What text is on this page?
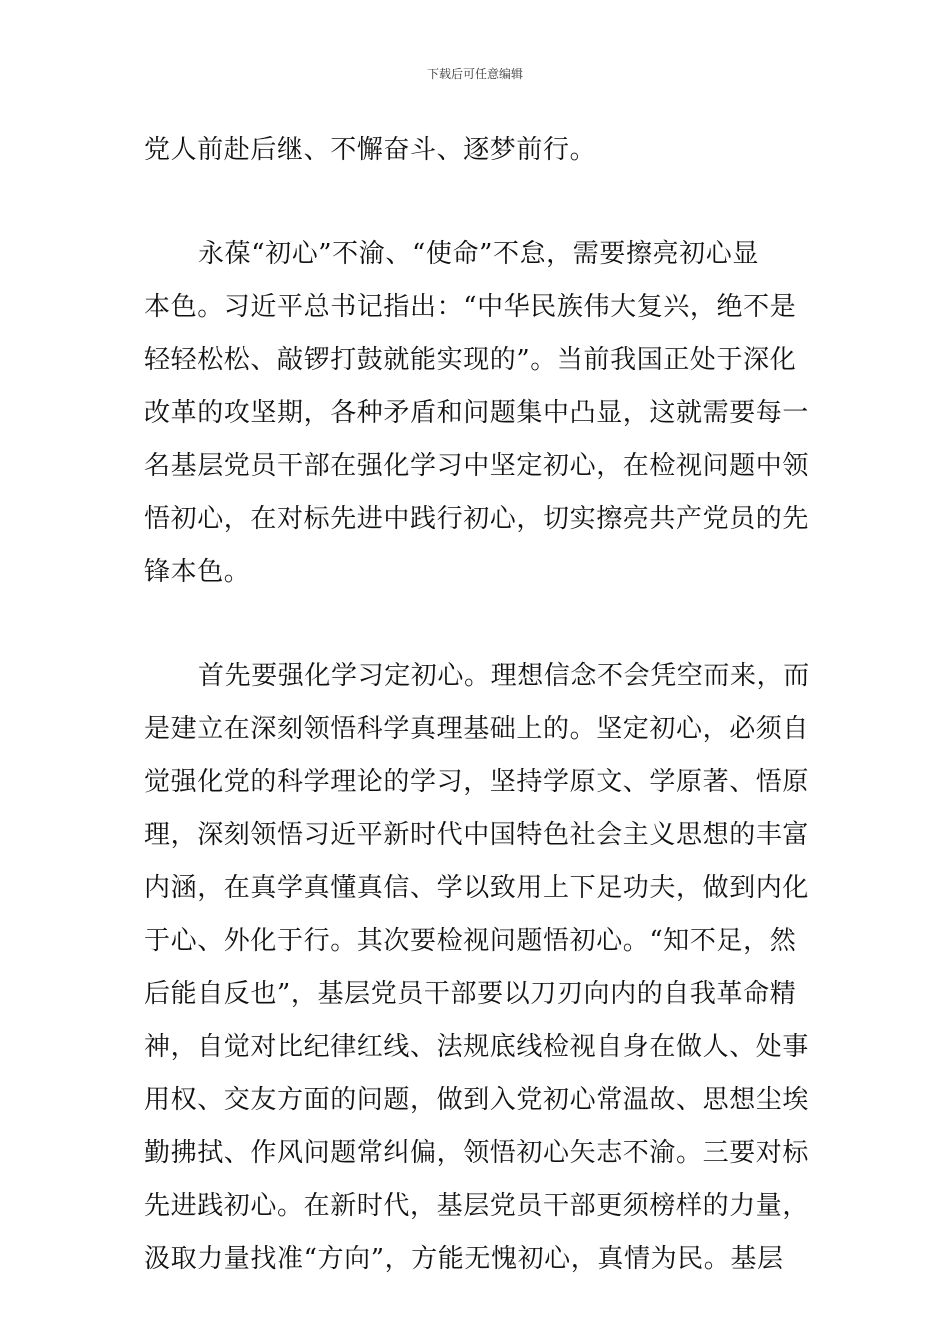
下载后可任意编辑
党人前赴后继、不懈奋斗、逐梦前行。
永葆“初心”不渝、“使命”不怠，需要擦亮初心显
本色。习近平总书记指出：“中华民族伟大复兴，绝不是
轻轻松松、敲锣打鼓就能实现的”。当前我国正处于深化
改革的攻坚期，各种矛盾和问题集中凸显，这就需要每一
名基层党员干部在强化学习中坚定初心，在检视问题中领
悟初心，在对标先进中践行初心，切实擦亮共产党员的先
锋本色。
首先要强化学习定初心。理想信念不会凭空而来，而
是建立在深刻领悟科学真理基础上的。坚定初心，必须自
觉强化党的科学理论的学习，坚持学原文、学原著、悟原
理，深刻领悟习近平新时代中国特色社会主义思想的丰富
内涵，在真学真懂真信、学以致用上下足功夫，做到内化
于心、外化于行。其次要检视问题悟初心。“知不足，然
后能自反也”，基层党员干部要以刀刃向内的自我革命精
神，自觉对比纪律红线、法规底线检视自身在做人、处事
用权、交友方面的问题，做到入党初心常温故、思想尘埃
勤拂拭、作风问题常纠偏，领悟初心矢志不渝。三要对标
先进践初心。在新时代，基层党员干部更须榜样的力量，
汲取力量找准“方向”，方能无愧初心，真情为民。基层
